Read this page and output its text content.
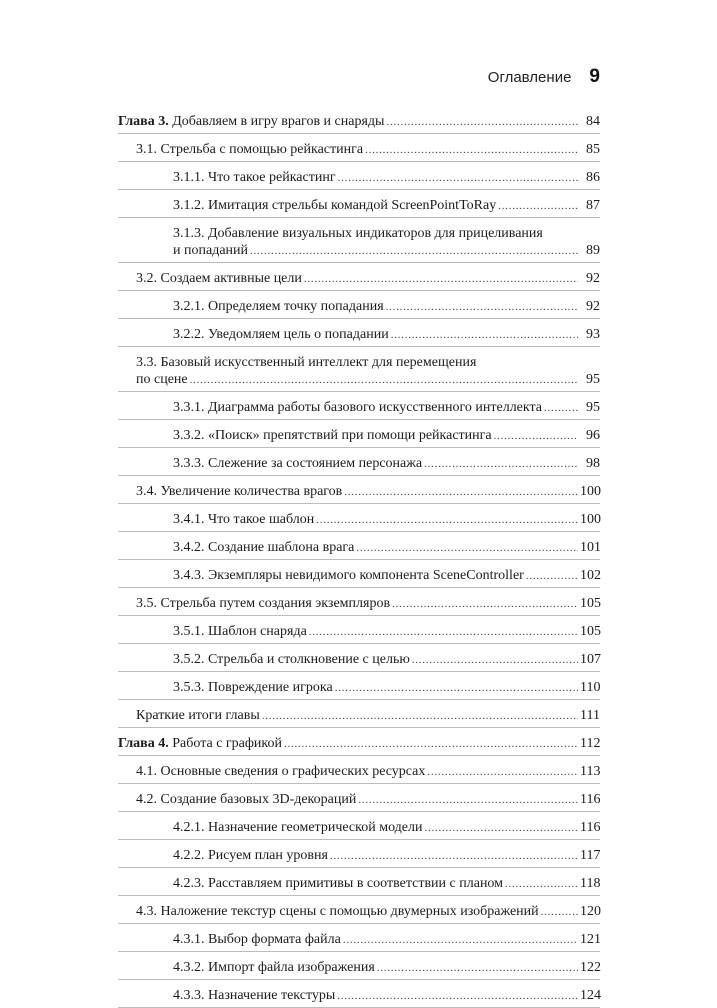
Оглавление 9
Глава 3. Добавляем в игру врагов и снаряды . . .	84
3.1. Стрельба с помощью рейкастинга . . .	85
3.1.1. Что такое рейкастинг . . .	86
3.1.2. Имитация стрельбы командой ScreenPointToRay . . .	87
3.1.3. Добавление визуальных индикаторов для прицеливания
и попаданий . . .	89
3.2. Создаем активные цели . . .	92
3.2.1. Определяем точку попадания . . .	92
3.2.2. Уведомляем цель о попадании . . .	93
3.3. Базовый искусственный интеллект для перемещения
по сцене . . .	95
3.3.1. Диаграмма работы базового искусственного интеллекта . . .	95
3.3.2. «Поиск» препятствий при помощи рейкастинга . . .	96
3.3.3. Слежение за состоянием персонажа . . .	98
3.4. Увеличение количества врагов . . .	100
3.4.1. Что такое шаблон . . .	100
3.4.2. Создание шаблона врага . . .	101
3.4.3. Экземпляры невидимого компонента SceneController . . .	102
3.5. Стрельба путем создания экземпляров . . .	105
3.5.1. Шаблон снаряда . . .	105
3.5.2. Стрельба и столкновение с целью . . .	107
3.5.3. Повреждение игрока . . .	110
Краткие итоги главы . . .	111
Глава 4. Работа с графикой . . .	112
4.1. Основные сведения о графических ресурсах . . .	113
4.2. Создание базовых 3D-декораций . . .	116
4.2.1. Назначение геометрической модели . . .	116
4.2.2. Рисуем план уровня . . .	117
4.2.3. Расставляем примитивы в соответствии с планом . . .	118
4.3. Наложение текстур сцены с помощью двумерных изображений . . .	120
4.3.1. Выбор формата файла . . .	121
4.3.2. Импорт файла изображения . . .	122
4.3.3. Назначение текстуры . . .	124
